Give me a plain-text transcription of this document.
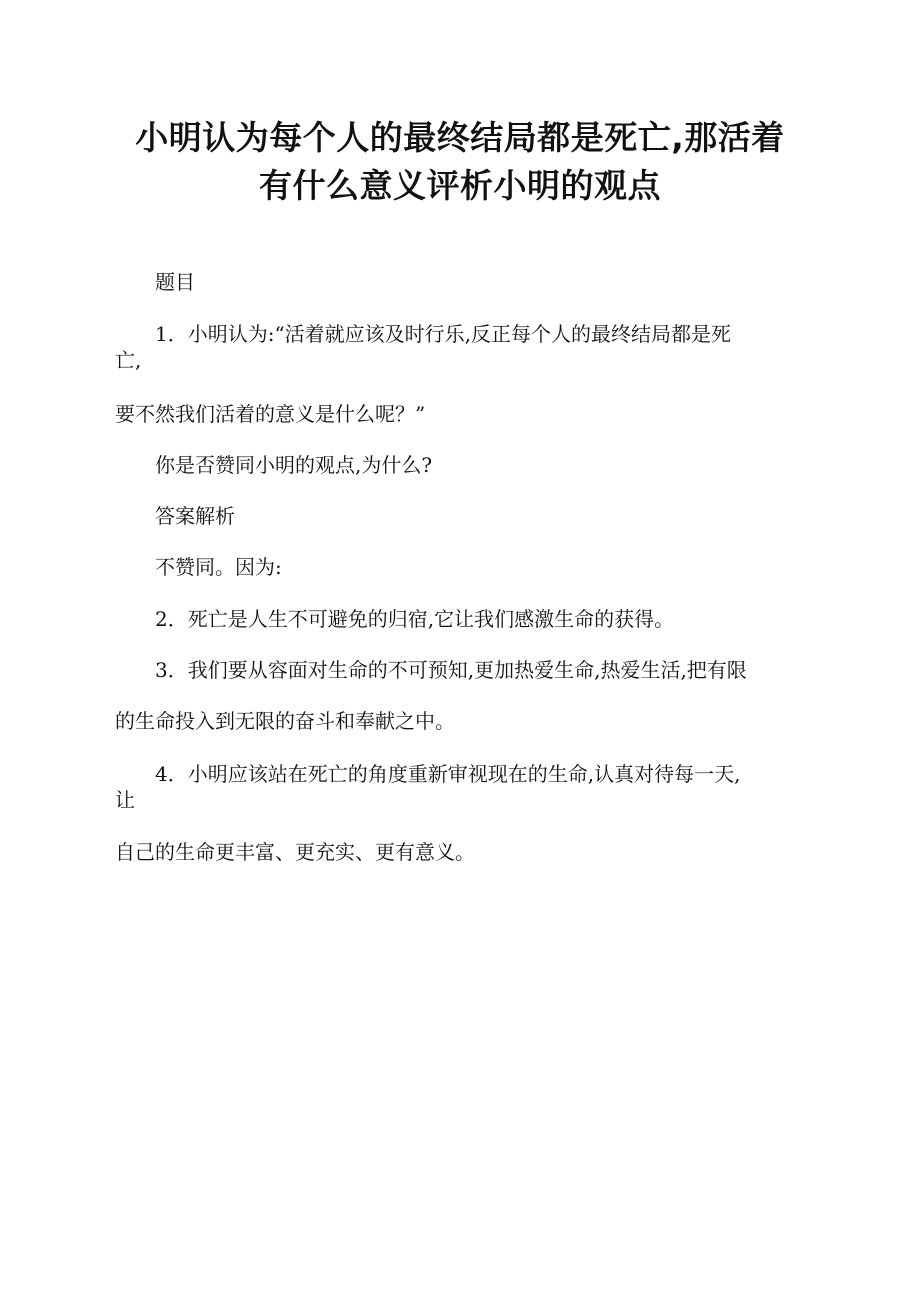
小明认为每个人的最终结局都是死亡,那活着
有什么意义评析小明的观点
题目
1．小明认为:“活着就应该及时行乐,反正每个人的最终结局都是死
亡,
要不然我们活着的意义是什么呢？”
你是否赞同小明的观点,为什么?
答案解析
不赞同。因为:
2．死亡是人生不可避免的归宿,它让我们感激生命的获得。
3．我们要从容面对生命的不可预知,更加热爱生命,热爱生活,把有限
的生命投入到无限的奋斗和奉献之中。
4．小明应该站在死亡的角度重新审视现在的生命,认真对待每一天,
让
自己的生命更丰富、更充实、更有意义。
